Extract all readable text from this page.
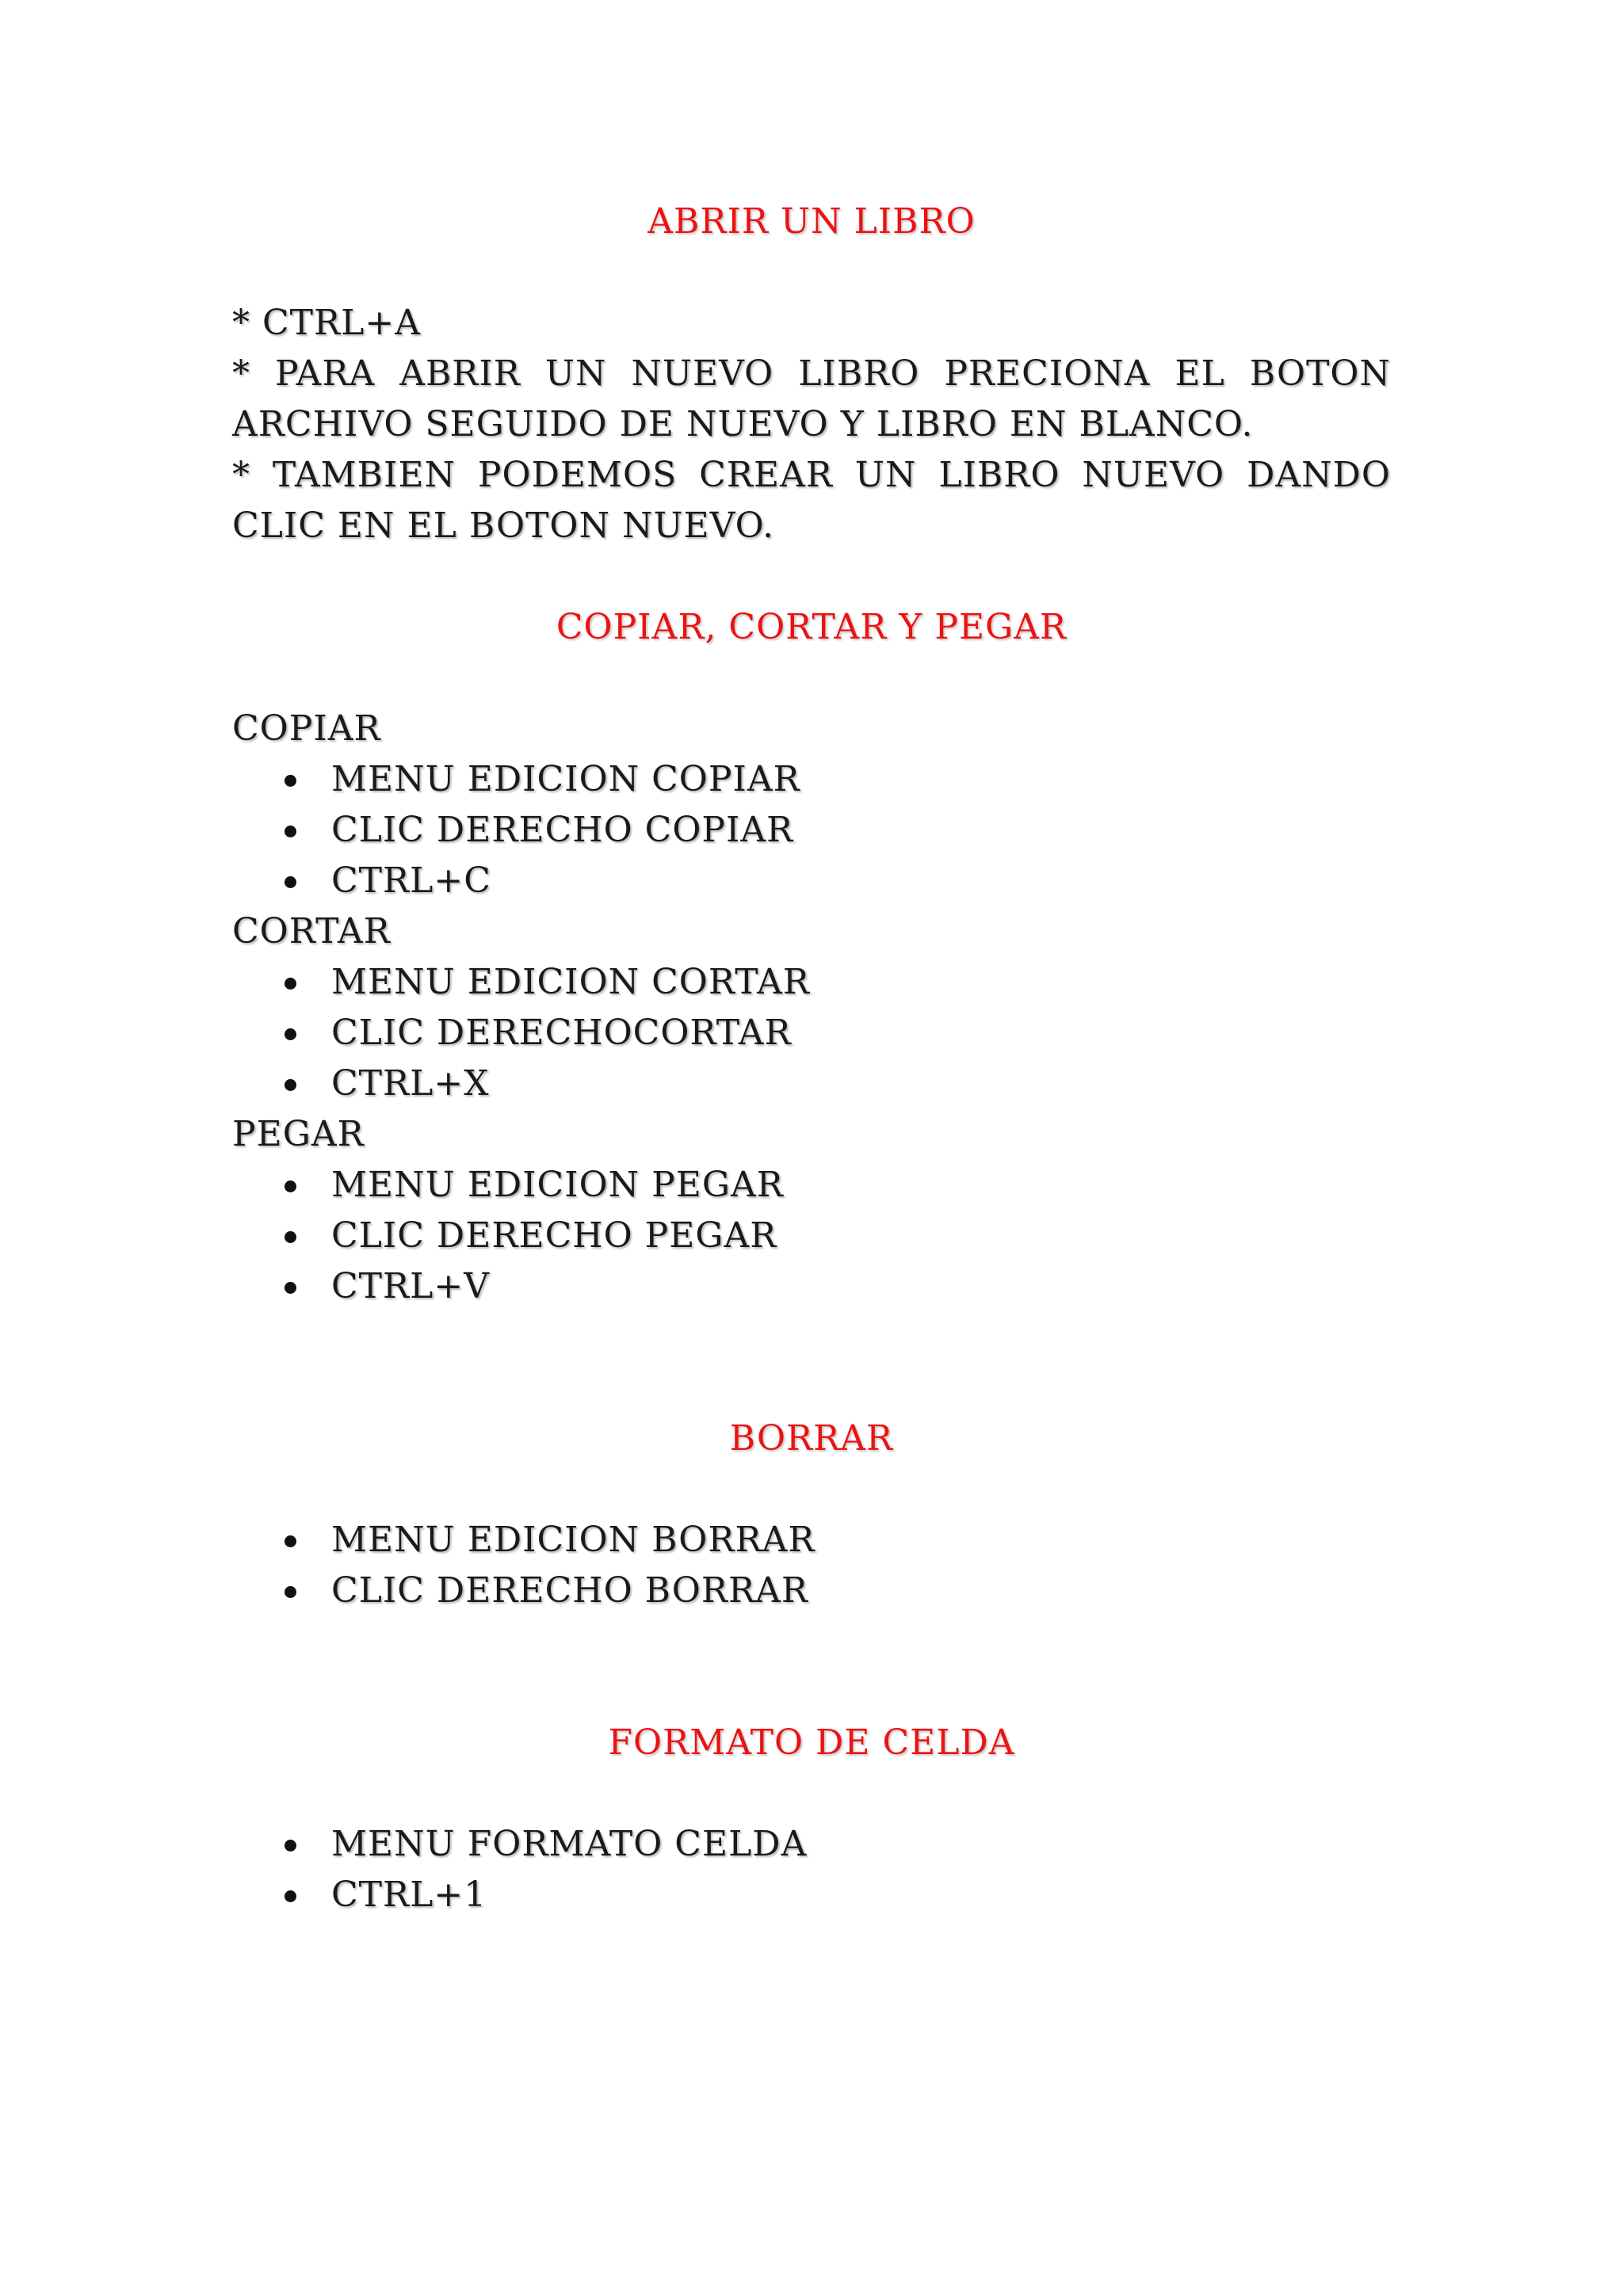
ABRIR UN LIBRO

* CTRL+A

* PARA ABRIR UN NUEVO LIBRO PRECIONA EL BOTON ARCHIVO SEGUIDO DE NUEVO Y LIBRO EN BLANCO.

* TAMBIEN PODEMOS CREAR UN LIBRO NUEVO DANDO CLIC EN EL BOTON NUEVO.

COPIAR, CORTAR Y PEGAR

COPIAR

MENU EDICION COPIAR
CLIC DERECHO COPIAR
CTRL+C

CORTAR

MENU EDICION CORTAR
CLIC DERECHOCORTAR
CTRL+X

PEGAR

MENU EDICION PEGAR
CLIC DERECHO PEGAR
CTRL+V
BORRAR
MENU EDICION BORRAR
CLIC DERECHO BORRAR
FORMATO DE CELDA
MENU FORMATO CELDA
CTRL+1
